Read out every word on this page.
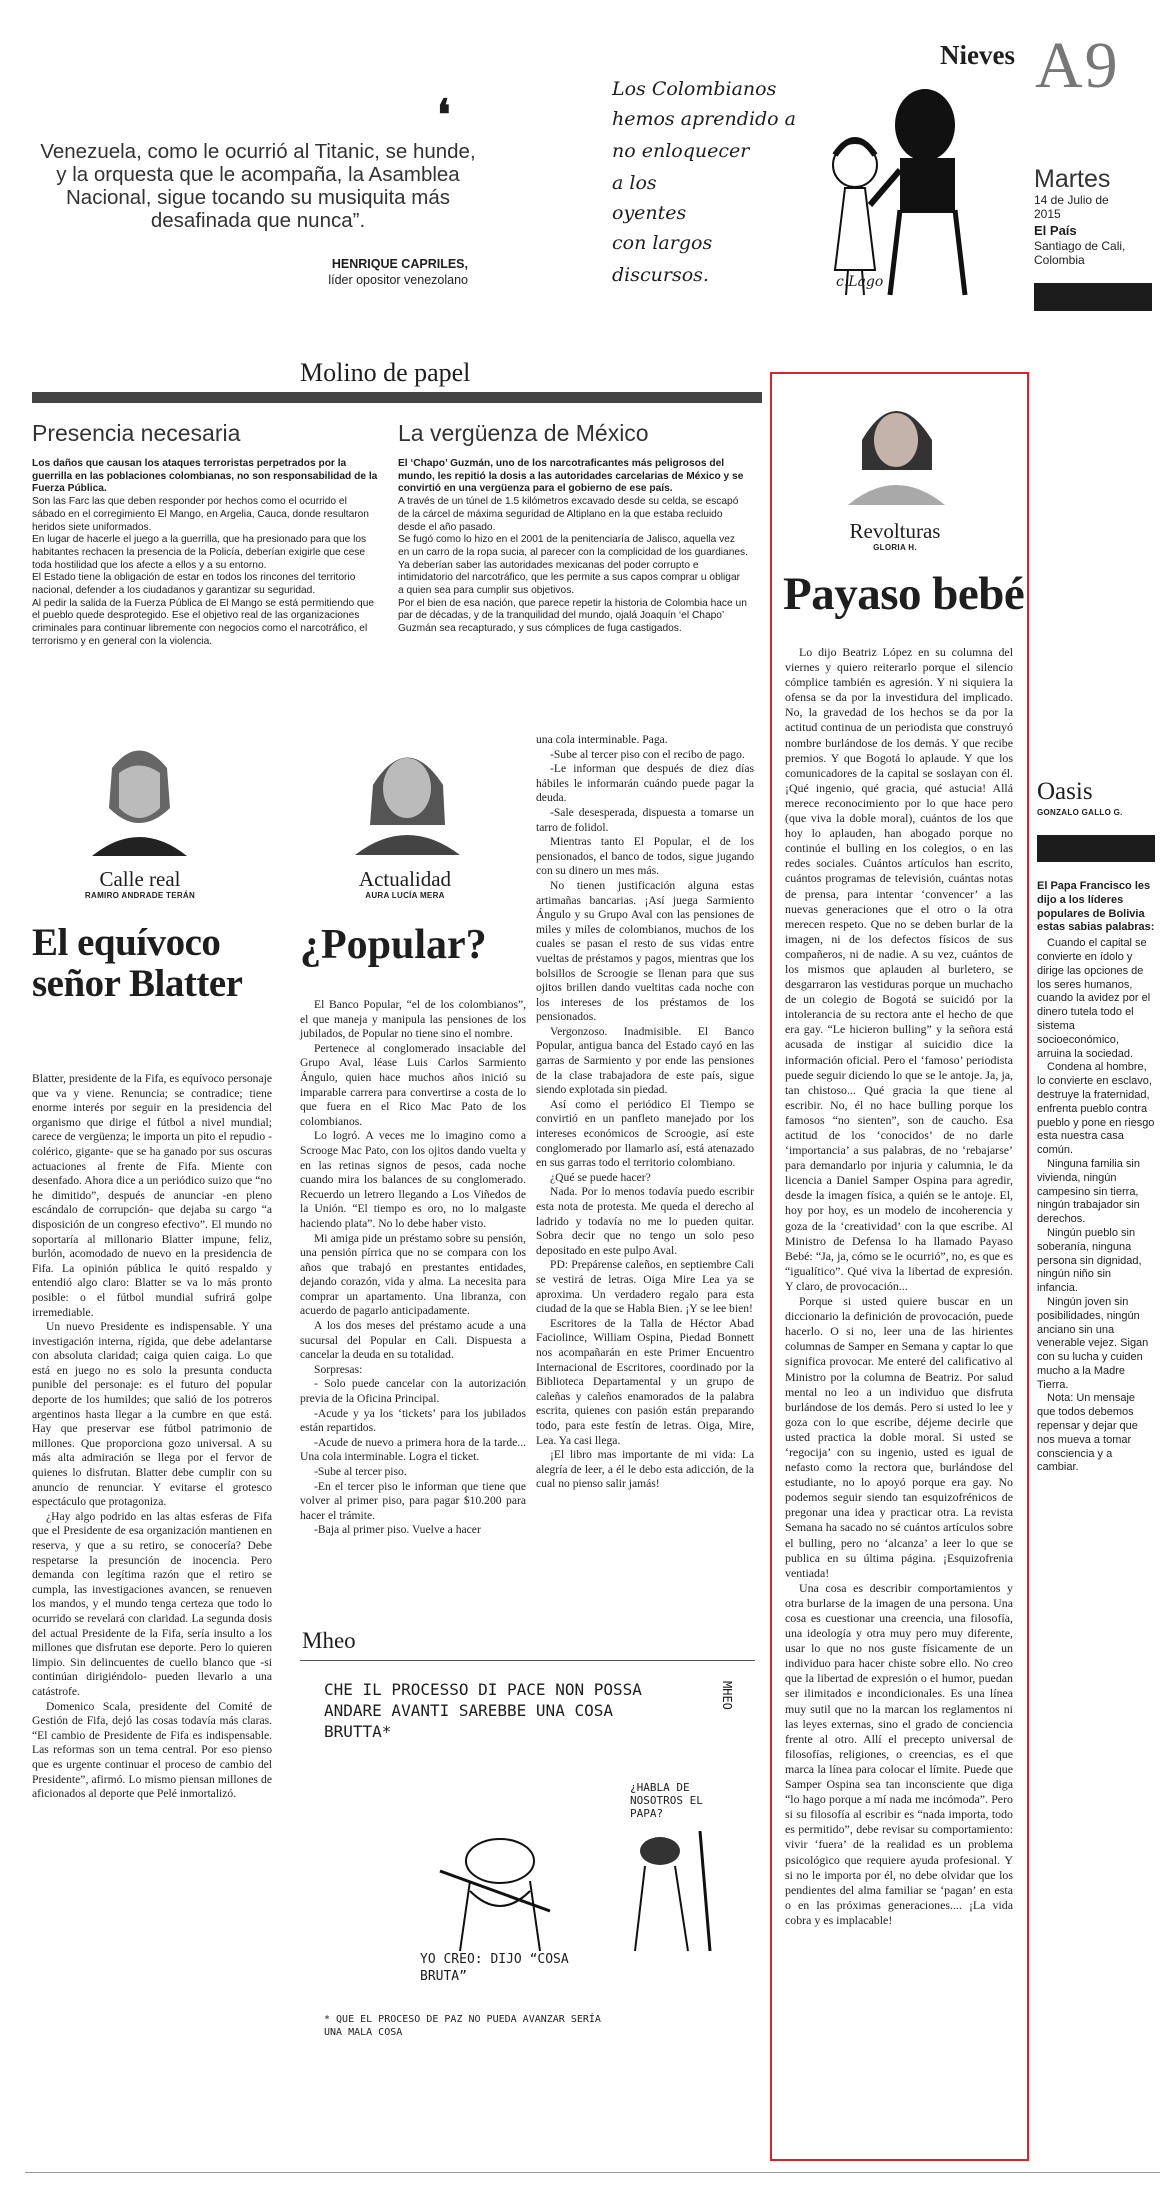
Nieves A9
Martes
14 de Julio de 2015
El País
Santiago de Cali, Colombia
❛
Venezuela, como le ocurrió al Titanic, se hunde, y la orquesta que le acompaña, la Asamblea Nacional, sigue tocando su musiquita más desafinada que nunca”.
HENRIQUE CAPRILES,
líder opositor venezolano
Los Colombianos
hemos aprendido a
no enloquecer
a los
oyentes
con largos
discursos.	c.Lago
Molino de papel
Presencia necesaria

Los daños que causan los ataques terroristas perpetrados por la guerrilla en las poblaciones colombianas, no son responsabilidad de la Fuerza Pública.

Son las Farc las que deben responder por hechos como el ocurrido el sábado en el corregimiento El Mango, en Argelia, Cauca, donde resultaron heridos siete uniformados.

En lugar de hacerle el juego a la guerrilla, que ha presionado para que los habitantes rechacen la presencia de la Policía, deberían exigirle que cese toda hostilidad que los afecte a ellos y a su entorno.

El Estado tiene la obligación de estar en todos los rincones del territorio nacional, defender a los ciudadanos y garantizar su seguridad.

Al pedir la salida de la Fuerza Pública de El Mango se está permitiendo que el pueblo quede desprotegido. Ese el objetivo real de las organizaciones criminales para continuar libremente con negocios como el narcotráfico, el terrorismo y en general con la violencia.

La vergüenza de México

El ‘Chapo’ Guzmán, uno de los narcotraficantes más peligrosos del mundo, les repitió la dosis a las autoridades carcelarias de México y se convirtió en una vergüenza para el gobierno de ese país.

A través de un túnel de 1.5 kilómetros excavado desde su celda, se escapó de la cárcel de máxima seguridad de Altiplano en la que estaba recluido desde el año pasado.

Se fugó como lo hizo en el 2001 de la penitenciaría de Jalisco, aquella vez en un carro de la ropa sucia, al parecer con la complicidad de los guardianes.

Ya deberían saber las autoridades mexicanas del poder corrupto e intimidatorio del narcotráfico, que les permite a sus capos comprar u obligar a quien sea para cumplir sus objetivos.

Por el bien de esa nación, que parece repetir la historia de Colombia hace un par de décadas, y de la tranquilidad del mundo, ojalá Joaquín ‘el Chapo’ Guzmán sea recapturado, y sus cómplices de fuga castigados.

Calle real
RAMIRO ANDRADE TERÁN
El equívoco señor Blatter

Blatter, presidente de la Fifa, es equívoco personaje que va y viene. Renuncia; se contradice; tiene enorme interés por seguir en la presidencia del organismo que dirige el fútbol a nivel mundial; carece de vergüenza; le importa un pito el repudio -colérico, gigante- que se ha ganado por sus oscuras actuaciones al frente de Fifa. Miente con desenfado. Ahora dice a un periódico suizo que “no he dimitido”, después de anunciar -en pleno escándalo de corrupción- que dejaba su cargo “a disposición de un congreso efectivo”. El mundo no soportaría al millonario Blatter impune, feliz, burlón, acomodado de nuevo en la presidencia de Fifa. La opinión pública le quitó respaldo y entendió algo claro: Blatter se va lo más pronto posible: o el fútbol mundial sufrirá golpe irremediable.

Un nuevo Presidente es indispensable. Y una investigación interna, rígida, que debe adelantarse con absoluta claridad; caiga quien caiga. Lo que está en juego no es solo la presunta conducta punible del personaje: es el futuro del popular deporte de los humildes; que salió de los potreros argentinos hasta llegar a la cumbre en que está. Hay que preservar ese fútbol patrimonio de millones. Que proporciona gozo universal. A su más alta admiración se llega por el fervor de quienes lo disfrutan. Blatter debe cumplir con su anuncio de renunciar. Y evitarse el grotesco espectáculo que protagoniza.

¿Hay algo podrido en las altas esferas de Fifa que el Presidente de esa organización mantienen en reserva, y que a su retiro, se conocería? Debe respetarse la presunción de inocencia. Pero demanda con legítima razón que el retiro se cumpla, las investigaciones avancen, se renueven los mandos, y el mundo tenga certeza que todo lo ocurrido se revelará con claridad. La segunda dosis del actual Presidente de la Fifa, sería insulto a los millones que disfrutan ese deporte. Pero lo quieren limpio. Sin delincuentes de cuello blanco que -si continúan dirigiéndolo- pueden llevarlo a una catástrofe.

Domenico Scala, presidente del Comité de Gestión de Fifa, dejó las cosas todavía más claras. “El cambio de Presidente de Fifa es indispensable. Las reformas son un tema central. Por eso pienso que es urgente continuar el proceso de cambio del Presidente”, afirmó. Lo mismo piensan millones de aficionados al deporte que Pelé inmortalizó.

Actualidad
AURA LUCÍA MERA
¿Popular?

El Banco Popular, “el de los colombianos”, el que maneja y manipula las pensiones de los jubilados, de Popular no tiene sino el nombre.

Pertenece al conglomerado insaciable del Grupo Aval, léase Luis Carlos Sarmiento Ángulo, quien hace muchos años inició su imparable carrera para convertirse a costa de lo que fuera en el Rico Mac Pato de los colombianos.

Lo logró. A veces me lo imagino como a Scrooge Mac Pato, con los ojitos dando vuelta y en las retinas signos de pesos, cada noche cuando mira los balances de su conglomerado. Recuerdo un letrero llegando a Los Viñedos de la Unión. “El tiempo es oro, no lo malgaste haciendo plata”. No lo debe haber visto.

Mi amiga pide un préstamo sobre su pensión, una pensión pírrica que no se compara con los años que trabajó en prestantes entidades, dejando corazón, vida y alma. La necesita para comprar un apartamento. Una libranza, con acuerdo de pagarlo anticipadamente.

A los dos meses del préstamo acude a una sucursal del Popular en Cali. Dispuesta a cancelar la deuda en su totalidad.

Sorpresas:

- Solo puede cancelar con la autorización previa de la Oficina Principal.

-Acude y ya los ‘tickets’ para los jubilados están repartidos.

-Acude de nuevo a primera hora de la tarde... Una cola interminable. Logra el ticket.

-Sube al tercer piso.

-En el tercer piso le informan que tiene que volver al primer piso, para pagar $10.200 para hacer el trámite.

-Baja al primer piso. Vuelve a hacer

una cola interminable. Paga.

-Sube al tercer piso con el recibo de pago.

-Le informan que después de diez días hábiles le informarán cuándo puede pagar la deuda.

-Sale desesperada, dispuesta a tomarse un tarro de folidol.

Mientras tanto El Popular, el de los pensionados, el banco de todos, sigue jugando con su dinero un mes más.

No tienen justificación alguna estas artimañas bancarias. ¡Así juega Sarmiento Ángulo y su Grupo Aval con las pensiones de miles y miles de colombianos, muchos de los cuales se pasan el resto de sus vidas entre vueltas de préstamos y pagos, mientras que los bolsillos de Scroogie se llenan para que sus ojitos brillen dando vueltitas cada noche con los intereses de los préstamos de los pensionados.

Vergonzoso. Inadmisible. El Banco Popular, antigua banca del Estado cayó en las garras de Sarmiento y por ende las pensiones de la clase trabajadora de este país, sigue siendo explotada sin piedad.

Así como el periódico El Tiempo se convirtió en un panfleto manejado por los intereses económicos de Scroogie, así este conglomerado por llamarlo así, está atenazado en sus garras todo el territorio colombiano.

¿Qué se puede hacer?

Nada. Por lo menos todavía puedo escribir esta nota de protesta. Me queda el derecho al ladrido y todavía no me lo pueden quitar. Sobra decir que no tengo un solo peso depositado en este pulpo Aval.

PD: Prepárense caleños, en septiembre Cali se vestirá de letras. Oiga Mire Lea ya se aproxima. Un verdadero regalo para esta ciudad de la que se Habla Bien. ¡Y se lee bien!

Escritores de la Talla de Héctor Abad Faciolince, William Ospina, Piedad Bonnett nos acompañarán en este Primer Encuentro Internacional de Escritores, coordinado por la Biblioteca Departamental y un grupo de caleñas y caleños enamorados de la palabra escrita, quienes con pasión están preparando todo, para este festín de letras. Oiga, Mire, Lea. Ya casi llega.

¡El libro mas importante de mi vida: La alegría de leer, a él le debo esta adicción, de la cual no pienso salir jamás!

Mheo
CHE IL PROCESSO DI PACE NON POSSA ANDARE AVANTI SAREBBE UNA COSA BRUTTA*
MHEO
¿HABLA DE NOSOTROS EL PAPA?
YO CREO: DIJO “COSA BRUTA”
* QUE EL PROCESO DE PAZ NO PUEDA AVANZAR SERÍA UNA MALA COSA
Revolturas
GLORIA H.
Payaso bebé

Lo dijo Beatriz López en su columna del viernes y quiero reiterarlo porque el silencio cómplice también es agresión. Y ni siquiera la ofensa se da por la investidura del implicado. No, la gravedad de los hechos se da por la actitud continua de un periodista que construyó nombre burlándose de los demás. Y que recibe premios. Y que Bogotá lo aplaude. Y que los comunicadores de la capital se soslayan con él. ¡Qué ingenio, qué gracia, qué astucia! Allá merece reconocimiento por lo que hace pero (que viva la doble moral), cuántos de los que hoy lo aplauden, han abogado porque no continúe el bulling en los colegios, o en las redes sociales. Cuántos artículos han escrito, cuántos programas de televisión, cuántas notas de prensa, para intentar ‘convencer’ a las nuevas generaciones que el otro o la otra merecen respeto. Que no se deben burlar de la imagen, ni de los defectos físicos de sus compañeros, ni de nadie. A su vez, cuántos de los mismos que aplauden al burletero, se desgarraron las vestiduras porque un muchacho de un colegio de Bogotá se suicidó por la intolerancia de su rectora ante el hecho de que era gay. “Le hicieron bulling” y la señora está acusada de instigar al suicidio dice la información oficial. Pero el ‘famoso’ periodista puede seguir diciendo lo que se le antoje. Ja, ja, tan chistoso... Qué gracia la que tiene al escribir. No, él no hace bulling porque los famosos “no sienten”, son de caucho. Esa actitud de los ‘conocidos’ de no darle ‘importancia’ a sus palabras, de no ‘rebajarse’ para demandarlo por injuria y calumnia, le da licencia a Daniel Samper Ospina para agredir, desde la imagen física, a quién se le antoje. El, hoy por hoy, es un modelo de incoherencia y goza de la ‘creatividad’ con la que escribe. Al Ministro de Defensa lo ha llamado Payaso Bebé: “Ja, ja, cómo se le ocurrió”, no, es que es “igualítico”. Qué viva la libertad de expresión. Y claro, de provocación...

Porque si usted quiere buscar en un diccionario la definición de provocación, puede hacerlo. O si no, leer una de las hirientes columnas de Samper en Semana y captar lo que significa provocar. Me enteré del calificativo al Ministro por la columna de Beatriz. Por salud mental no leo a un individuo que disfruta burlándose de los demás. Pero si usted lo lee y goza con lo que escribe, déjeme decirle que usted practica la doble moral. Si usted se ‘regocija’ con su ingenio, usted es igual de nefasto como la rectora que, burlándose del estudiante, no lo apoyó porque era gay. No podemos seguir siendo tan esquizofrénicos de pregonar una idea y practicar otra. La revista Semana ha sacado no sé cuántos artículos sobre el bulling, pero no ‘alcanza’ a leer lo que se publica en su última página. ¡Esquizofrenia ventiada!

Una cosa es describir comportamientos y otra burlarse de la imagen de una persona. Una cosa es cuestionar una creencia, una filosofía, una ideología y otra muy pero muy diferente, usar lo que no nos guste físicamente de un individuo para hacer chiste sobre ello. No creo que la libertad de expresión o el humor, puedan ser ilimitados e incondicionales. Es una línea muy sutil que no la marcan los reglamentos ni las leyes externas, sino el grado de conciencia frente al otro. Allí el precepto universal de filosofías, religiones, o creencias, es el que marca la línea para colocar el límite. Puede que Samper Ospina sea tan inconsciente que diga “lo hago porque a mí nada me incómoda”. Pero si su filosofía al escribir es “nada importa, todo es permitido”, debe revisar su comportamiento: vivir ‘fuera’ de la realidad es un problema psicológico que requiere ayuda profesional. Y si no le importa por él, no debe olvidar que los pendientes del alma familiar se ‘pagan’ en esta o en las próximas generaciones.... ¡La vida cobra y es implacable!

Oasis
GONZALO GALLO G.

El Papa Francisco les dijo a los líderes populares de Bolivia estas sabias palabras:

Cuando el capital se convierte en ídolo y dirige las opciones de los seres humanos, cuando la avidez por el dinero tutela todo el sistema socioeconómico, arruina la sociedad.

Condena al hombre, lo convierte en esclavo, destruye la fraternidad, enfrenta pueblo contra pueblo y pone en riesgo esta nuestra casa común.

Ninguna familia sin vivienda, ningún campesino sin tierra, ningún trabajador sin derechos.

Ningún pueblo sin soberanía, ninguna persona sin dignidad, ningún niño sin infancia.

Ningún joven sin posibilidades, ningún anciano sin una venerable vejez. Sigan con su lucha y cuiden mucho a la Madre Tierra.

Nota: Un mensaje que todos debemos repensar y dejar que nos mueva a tomar consciencia y a cambiar.
